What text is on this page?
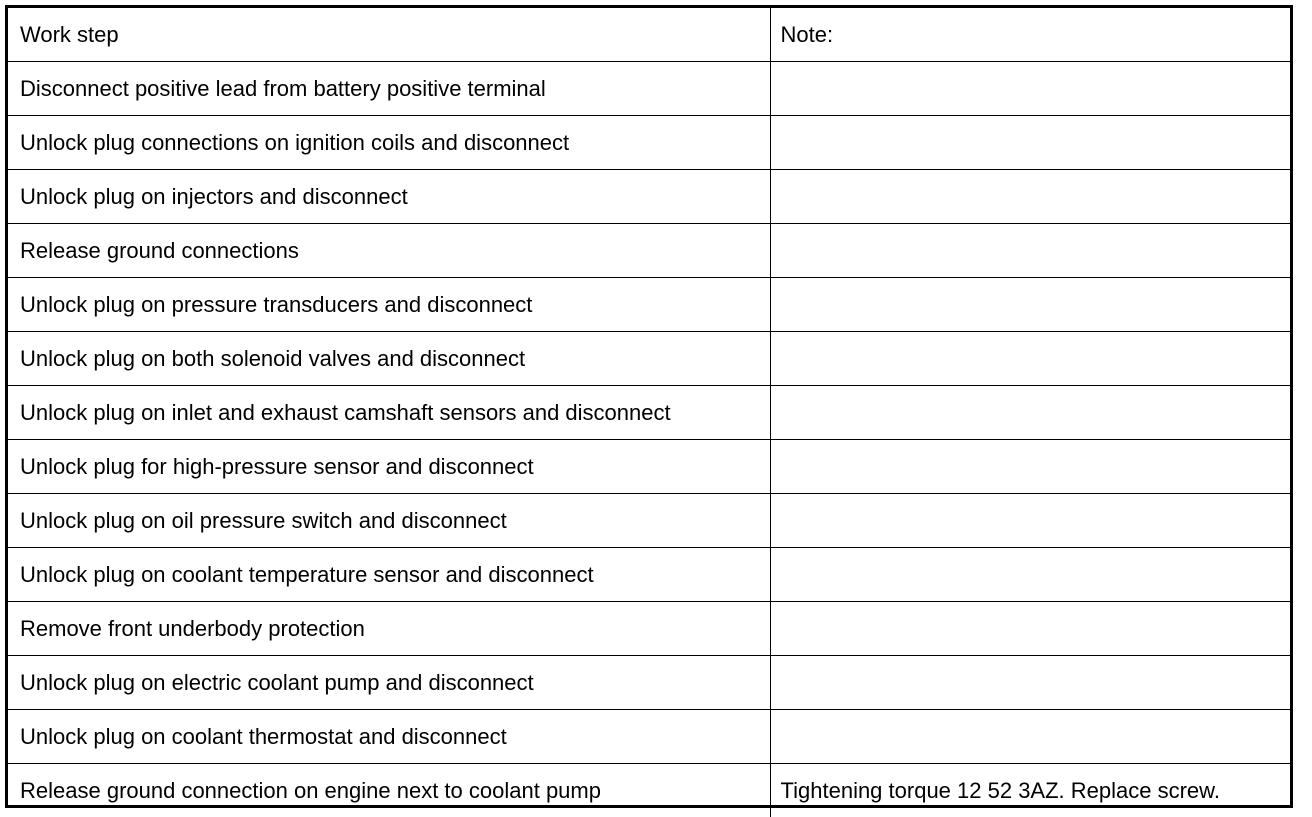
Work step	Note:
Disconnect positive lead from battery positive terminal	
Unlock plug connections on ignition coils and disconnect	
Unlock plug on injectors and disconnect	
Release ground connections	
Unlock plug on pressure transducers and disconnect	
Unlock plug on both solenoid valves and disconnect	
Unlock plug on inlet and exhaust camshaft sensors and disconnect	
Unlock plug for high-pressure sensor and disconnect	
Unlock plug on oil pressure switch and disconnect	
Unlock plug on coolant temperature sensor and disconnect	
Remove front underbody protection	
Unlock plug on electric coolant pump and disconnect	
Unlock plug on coolant thermostat and disconnect	
Release ground connection on engine next to coolant pump	Tightening torque 12 52 3AZ. Replace screw.
